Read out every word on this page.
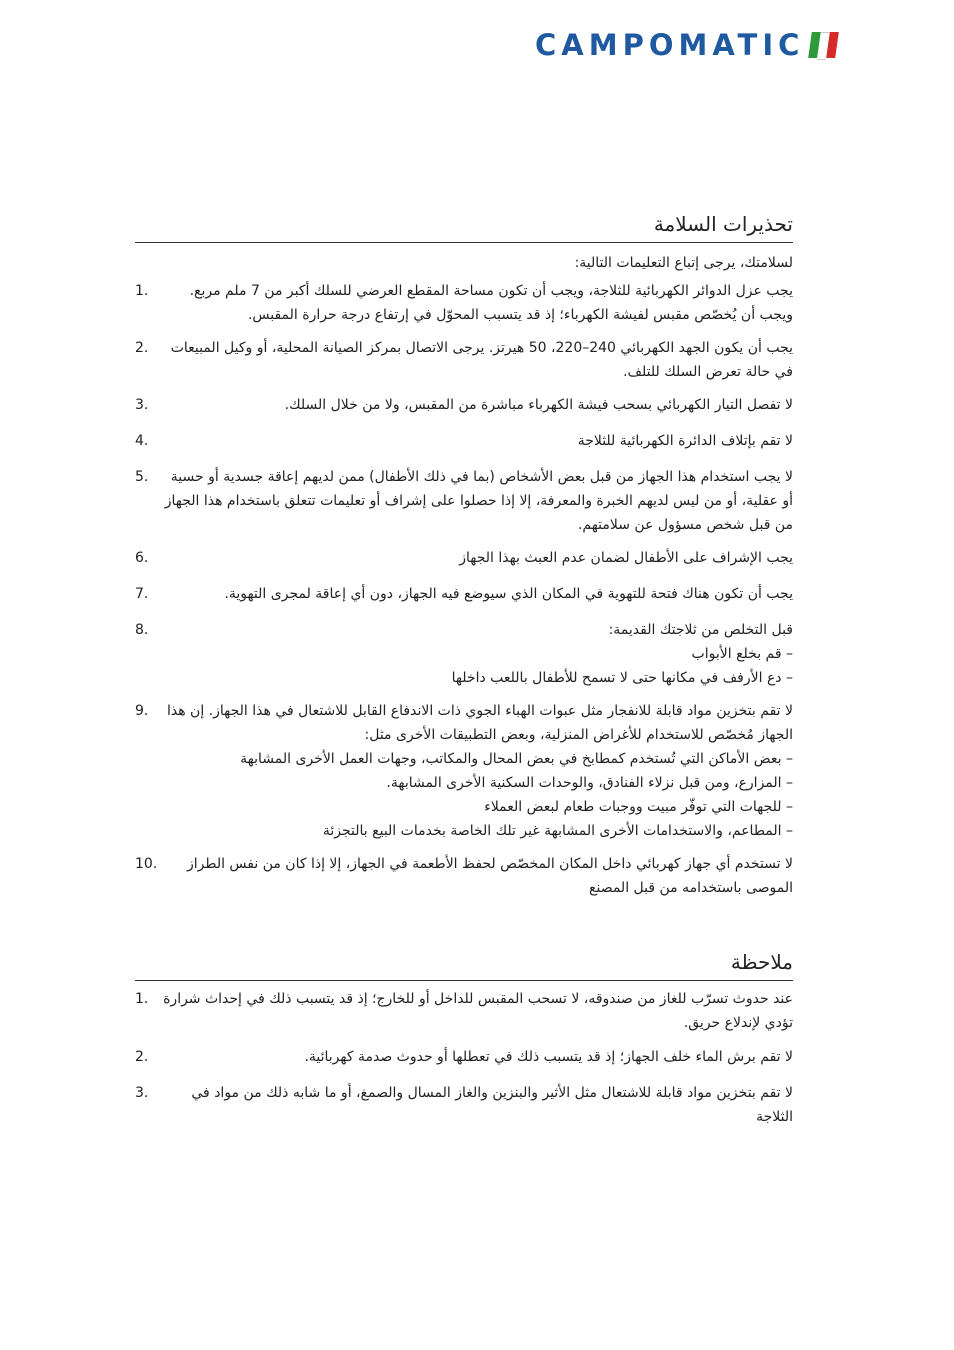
CAMPOMATIC
تحذيرات السلامة

لسلامتك، يرجى إتباع التعليمات التالية:

يجب عزل الدوائر الكهربائية للثلاجة، ويجب أن تكون مساحة المقطع العرضي للسلك أكبر من 7 ملم مربع. ويجب أن يُخصّص مقبس لفيشة الكهرباء؛ إذ قد يتسبب المحوّل في إرتفاع درجة حرارة المقبس.
1.
يجب أن يكون الجهد الكهربائي 240–220، 50 هيرتز. يرجى الاتصال بمركز الصيانة المحلية، أو وكيل المبيعات في حالة تعرض السلك للتلف.
2.
لا تفصل التيار الكهربائي بسحب فيشة الكهرباء مباشرة من المقبس، ولا من خلال السلك.
3.
لا تقم بإتلاف الدائرة الكهربائية للثلاجة
4.
لا يجب استخدام هذا الجهاز من قبل بعض الأشخاص (بما في ذلك الأطفال) ممن لديهم إعاقة جسدية أو حسية أو عقلية، أو من ليس لديهم الخبرة والمعرفة، إلا إذا حصلوا على إشراف أو تعليمات تتعلق باستخدام هذا الجهاز من قبل شخص مسؤول عن سلامتهم.
5.
يجب الإشراف على الأطفال لضمان عدم العبث بهذا الجهاز
6.
يجب أن تكون هناك فتحة للتهوية في المكان الذي سيوضع فيه الجهاز، دون أي إعاقة لمجرى التهوية.
7.
قبل التخلص من ثلاجتك القديمة:
– قم بخلع الأبواب
– دع الأرفف في مكانها حتى لا تسمح للأطفال باللعب داخلها
8.
لا تقم بتخزين مواد قابلة للانفجار مثل عبوات الهباء الجوي ذات الاندفاع القابل للاشتعال في هذا الجهاز. إن هذا الجهاز مُخصّص للاستخدام للأغراض المنزلية، وبعض التطبيقات الأخرى مثل:
– بعض الأماكن التي تُستخدم كمطابخ في بعض المحال والمكاتب، وجهات العمل الأخرى المشابهة
– المزارع، ومن قبل نزلاء الفنادق، والوحدات السكنية الأخرى المشابهة.
– للجهات التي توفّر مبيت ووجبات طعام لبعض العملاء
– المطاعم، والاستخدامات الأخرى المشابهة غير تلك الخاصة بخدمات البيع بالتجزئة
9.
لا تستخدم أي جهاز كهربائي داخل المكان المخصّص لحفظ الأطعمة في الجهاز، إلا إذا كان من نفس الطراز الموصى باستخدامه من قبل المصنع
10.
ملاحظة
عند حدوث تسرّب للغاز من صندوقه، لا تسحب المقبس للداخل أو للخارج؛ إذ قد يتسبب ذلك في إحداث شرارة تؤدي لإندلاع حريق.
1.
لا تقم برش الماء خلف الجهاز؛ إذ قد يتسبب ذلك في تعطلها أو حدوث صدمة كهربائية.
2.
لا تقم بتخزين مواد قابلة للاشتعال مثل الأثير والبنزين والغاز المسال والصمغ، أو ما شابه ذلك من مواد في الثلاجة
3.
